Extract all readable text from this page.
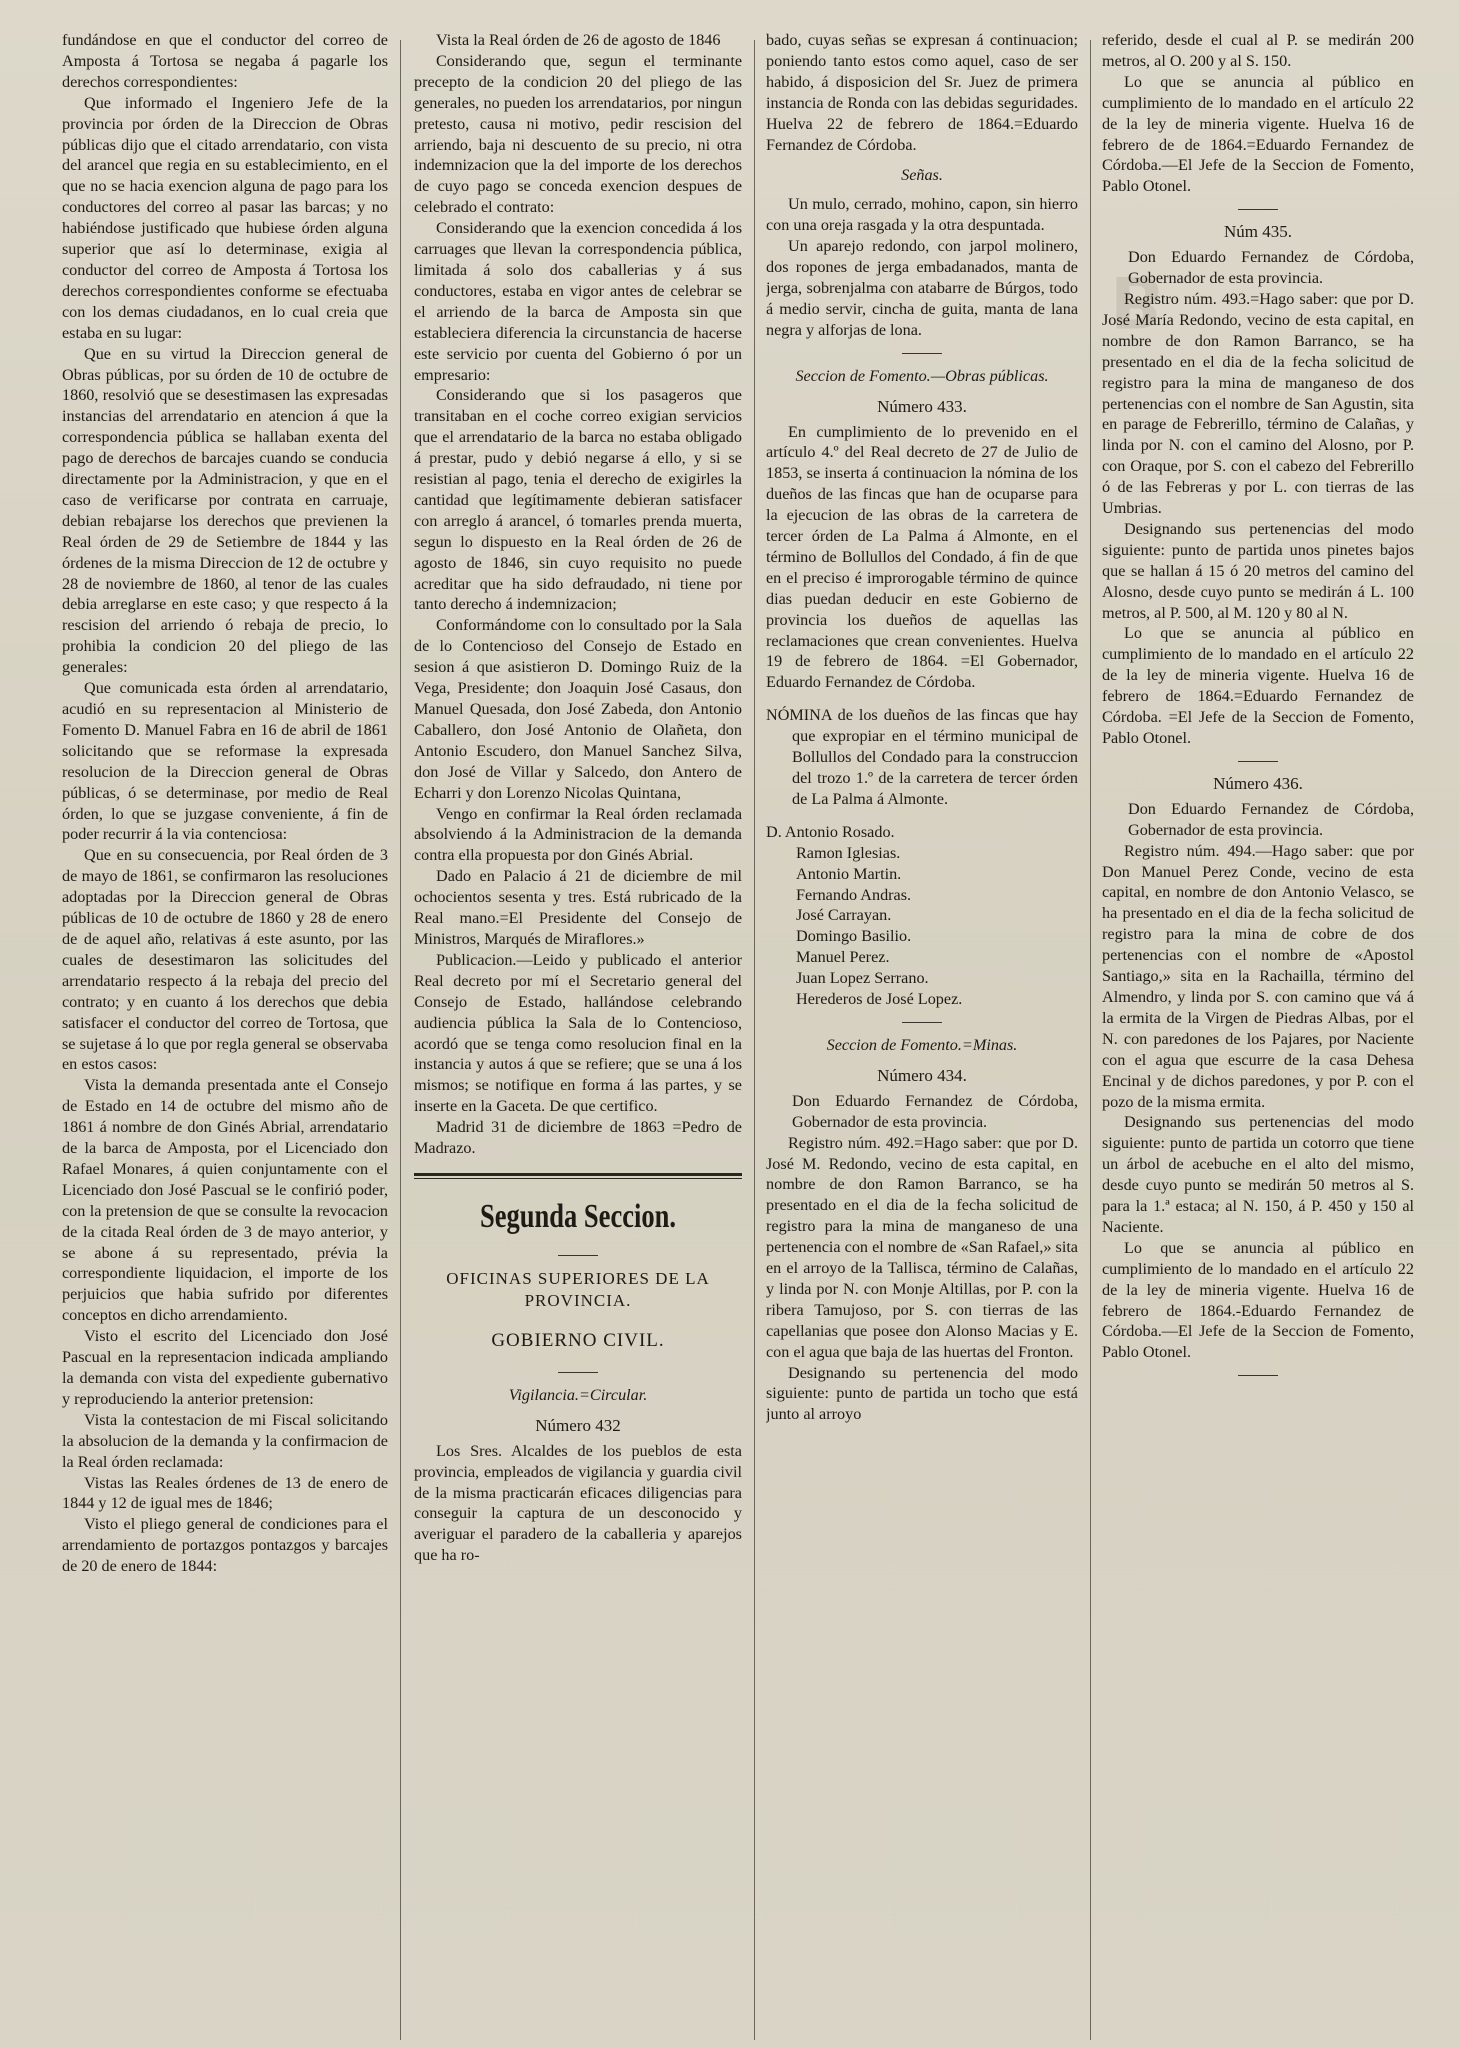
B

fundándose en que el conductor del correo de Amposta á Tortosa se negaba á pagarle los derechos correspondientes:

Que informado el Ingeniero Jefe de la provincia por órden de la Direccion de Obras públicas dijo que el citado arrendatario, con vista del arancel que regia en su establecimiento, en el que no se hacia exencion alguna de pago para los conductores del correo al pasar las barcas; y no habiéndose justificado que hubiese órden alguna superior que así lo determinase, exigia al conductor del correo de Amposta á Tortosa los derechos correspondientes conforme se efectuaba con los demas ciudadanos, en lo cual creia que estaba en su lugar:

Que en su virtud la Direccion general de Obras públicas, por su órden de 10 de octubre de 1860, resolvió que se desestimasen las expresadas instancias del arrendatario en atencion á que la correspondencia pública se hallaban exenta del pago de derechos de barcajes cuando se conducia directamente por la Administracion, y que en el caso de verificarse por contrata en carruaje, debian rebajarse los derechos que previenen la Real órden de 29 de Setiembre de 1844 y las órdenes de la misma Direccion de 12 de octubre y 28 de noviembre de 1860, al tenor de las cuales debia arreglarse en este caso; y que respecto á la rescision del arriendo ó rebaja de precio, lo prohibia la condicion 20 del pliego de las generales:

Que comunicada esta órden al arrendatario, acudió en su representacion al Ministerio de Fomento D. Manuel Fabra en 16 de abril de 1861 solicitando que se reformase la expresada resolucion de la Direccion general de Obras públicas, ó se determinase, por medio de Real órden, lo que se juzgase conveniente, á fin de poder recurrir á la via contenciosa:

Que en su consecuencia, por Real órden de 3 de mayo de 1861, se confirmaron las resoluciones adoptadas por la Direccion general de Obras públicas de 10 de octubre de 1860 y 28 de enero de de aquel año, relativas á este asunto, por las cuales de desestimaron las solicitudes del arrendatario respecto á la rebaja del precio del contrato; y en cuanto á los derechos que debia satisfacer el conductor del correo de Tortosa, que se sujetase á lo que por regla general se observaba en estos casos:

Vista la demanda presentada ante el Consejo de Estado en 14 de octubre del mismo año de 1861 á nombre de don Ginés Abrial, arrendatario de la barca de Amposta, por el Licenciado don Rafael Monares, á quien conjuntamente con el Licenciado don José Pascual se le confirió poder, con la pretension de que se consulte la revocacion de la citada Real órden de 3 de mayo anterior, y se abone á su representado, prévia la correspondiente liquidacion, el importe de los perjuicios que habia sufrido por diferentes conceptos en dicho arrendamiento.

Visto el escrito del Licenciado don José Pascual en la representacion indicada ampliando la demanda con vista del expediente gubernativo y reproduciendo la anterior pretension:

Vista la contestacion de mi Fiscal solicitando la absolucion de la demanda y la confirmacion de la Real órden reclamada:

Vistas las Reales órdenes de 13 de enero de 1844 y 12 de igual mes de 1846;

Visto el pliego general de condiciones para el arrendamiento de portazgos pontazgos y barcajes de 20 de enero de 1844:

Vista la Real órden de 26 de agosto de 1846

Considerando que, segun el terminante precepto de la condicion 20 del pliego de las generales, no pueden los arrendatarios, por ningun pretesto, causa ni motivo, pedir rescision del arriendo, baja ni descuento de su precio, ni otra indemnizacion que la del importe de los derechos de cuyo pago se conceda exencion despues de celebrado el contrato:

Considerando que la exencion concedida á los carruages que llevan la correspondencia pública, limitada á solo dos caballerias y á sus conductores, estaba en vigor antes de celebrar se el arriendo de la barca de Amposta sin que estableciera diferencia la circunstancia de hacerse este servicio por cuenta del Gobierno ó por un empresario:

Considerando que si los pasageros que transitaban en el coche correo exigian servicios que el arrendatario de la barca no estaba obligado á prestar, pudo y debió negarse á ello, y si se resistian al pago, tenia el derecho de exigirles la cantidad que legítimamente debieran satisfacer con arreglo á arancel, ó tomarles prenda muerta, segun lo dispuesto en la Real órden de 26 de agosto de 1846, sin cuyo requisito no puede acreditar que ha sido defraudado, ni tiene por tanto derecho á indemnizacion;

Conformándome con lo consultado por la Sala de lo Contencioso del Consejo de Estado en sesion á que asistieron D. Domingo Ruiz de la Vega, Presidente; don Joaquin José Casaus, don Manuel Quesada, don José Zabeda, don Antonio Caballero, don José Antonio de Olañeta, don Antonio Escudero, don Manuel Sanchez Silva, don José de Villar y Salcedo, don Antero de Echarri y don Lorenzo Nicolas Quintana,

Vengo en confirmar la Real órden reclamada absolviendo á la Administracion de la demanda contra ella propuesta por don Ginés Abrial.

Dado en Palacio á 21 de diciembre de mil ochocientos sesenta y tres. Está rubricado de la Real mano.=El Presidente del Consejo de Ministros, Marqués de Miraflores.»

Publicacion.—Leido y publicado el anterior Real decreto por mí el Secretario general del Consejo de Estado, hallándose celebrando audiencia pública la Sala de lo Contencioso, acordó que se tenga como resolucion final en la instancia y autos á que se refiere; que se una á los mismos; se notifique en forma á las partes, y se inserte en la Gaceta. De que certifico.

Madrid 31 de diciembre de 1863 =Pedro de Madrazo.

Segunda Seccion.
OFICINAS SUPERIORES DE LA PROVINCIA.
GOBIERNO CIVIL.

Vigilancia.=Circular.

Número 432

Los Sres. Alcaldes de los pueblos de esta provincia, empleados de vigilancia y guardia civil de la misma practicarán eficaces diligencias para conseguir la captura de un desconocido y averiguar el paradero de la caballeria y aparejos que ha ro-

bado, cuyas señas se expresan á continuacion; poniendo tanto estos como aquel, caso de ser habido, á disposicion del Sr. Juez de primera instancia de Ronda con las debidas seguridades. Huelva 22 de febrero de 1864.=Eduardo Fernandez de Córdoba.

Señas.

Un mulo, cerrado, mohino, capon, sin hierro con una oreja rasgada y la otra despuntada.

Un aparejo redondo, con jarpol molinero, dos ropones de jerga embadanados, manta de jerga, sobrenjalma con atabarre de Búrgos, todo á medio servir, cincha de guita, manta de lana negra y alforjas de lona.

Seccion de Fomento.—Obras públicas.

Número 433.

En cumplimiento de lo prevenido en el artículo 4.º del Real decreto de 27 de Julio de 1853, se inserta á continuacion la nómina de los dueños de las fincas que han de ocuparse para la ejecucion de las obras de la carretera de tercer órden de La Palma á Almonte, en el término de Bollullos del Condado, á fin de que en el preciso é improrogable término de quince dias puedan deducir en este Gobierno de provincia los dueños de aquellas las reclamaciones que crean convenientes. Huelva 19 de febrero de 1864. =El Gobernador, Eduardo Fernandez de Córdoba.

NÓMINA de los dueños de las fincas que hay que expropiar en el término municipal de Bollullos del Condado para la construccion del trozo 1.º de la carretera de tercer órden de La Palma á Almonte.

D. Antonio Rosado.

Ramon Iglesias.

Antonio Martin.

Fernando Andras.

José Carrayan.

Domingo Basilio.

Manuel Perez.

Juan Lopez Serrano.

Herederos de José Lopez.

Seccion de Fomento.=Minas.

Número 434.

Don Eduardo Fernandez de Córdoba, Gobernador de esta provincia.

Registro núm. 492.=Hago saber: que por D. José M. Redondo, vecino de esta capital, en nombre de don Ramon Barranco, se ha presentado en el dia de la fecha solicitud de registro para la mina de manganeso de una pertenencia con el nombre de «San Rafael,» sita en el arroyo de la Tallisca, término de Calañas, y linda por N. con Monje Altillas, por P. con la ribera Tamujoso, por S. con tierras de las capellanias que posee don Alonso Macias y E. con el agua que baja de las huertas del Fronton.

Designando su pertenencia del modo siguiente: punto de partida un tocho que está junto al arroyo

referido, desde el cual al P. se medirán 200 metros, al O. 200 y al S. 150.

Lo que se anuncia al público en cumplimiento de lo mandado en el artículo 22 de la ley de mineria vigente. Huelva 16 de febrero de de 1864.=Eduardo Fernandez de Córdoba.—El Jefe de la Seccion de Fomento, Pablo Otonel.

Núm 435.

Don Eduardo Fernandez de Córdoba, Gobernador de esta provincia.

Registro núm. 493.=Hago saber: que por D. José María Redondo, vecino de esta capital, en nombre de don Ramon Barranco, se ha presentado en el dia de la fecha solicitud de registro para la mina de manganeso de dos pertenencias con el nombre de San Agustin, sita en parage de Febrerillo, término de Calañas, y linda por N. con el camino del Alosno, por P. con Oraque, por S. con el cabezo del Febrerillo ó de las Febreras y por L. con tierras de las Umbrias.

Designando sus pertenencias del modo siguiente: punto de partida unos pinetes bajos que se hallan á 15 ó 20 metros del camino del Alosno, desde cuyo punto se medirán á L. 100 metros, al P. 500, al M. 120 y 80 al N.

Lo que se anuncia al público en cumplimiento de lo mandado en el artículo 22 de la ley de mineria vigente. Huelva 16 de febrero de 1864.=Eduardo Fernandez de Córdoba. =El Jefe de la Seccion de Fomento, Pablo Otonel.

Número 436.

Don Eduardo Fernandez de Córdoba, Gobernador de esta provincia.

Registro núm. 494.—Hago saber: que por Don Manuel Perez Conde, vecino de esta capital, en nombre de don Antonio Velasco, se ha presentado en el dia de la fecha solicitud de registro para la mina de cobre de dos pertenencias con el nombre de «Apostol Santiago,» sita en la Rachailla, término del Almendro, y linda por S. con camino que vá á la ermita de la Virgen de Piedras Albas, por el N. con paredones de los Pajares, por Naciente con el agua que escurre de la casa Dehesa Encinal y de dichos paredones, y por P. con el pozo de la misma ermita.

Designando sus pertenencias del modo siguiente: punto de partida un cotorro que tiene un árbol de acebuche en el alto del mismo, desde cuyo punto se medirán 50 metros al S. para la 1.ª estaca; al N. 150, á P. 450 y 150 al Naciente.

Lo que se anuncia al público en cumplimiento de lo mandado en el artículo 22 de la ley de mineria vigente. Huelva 16 de febrero de 1864.-Eduardo Fernandez de Córdoba.—El Jefe de la Seccion de Fomento, Pablo Otonel.
